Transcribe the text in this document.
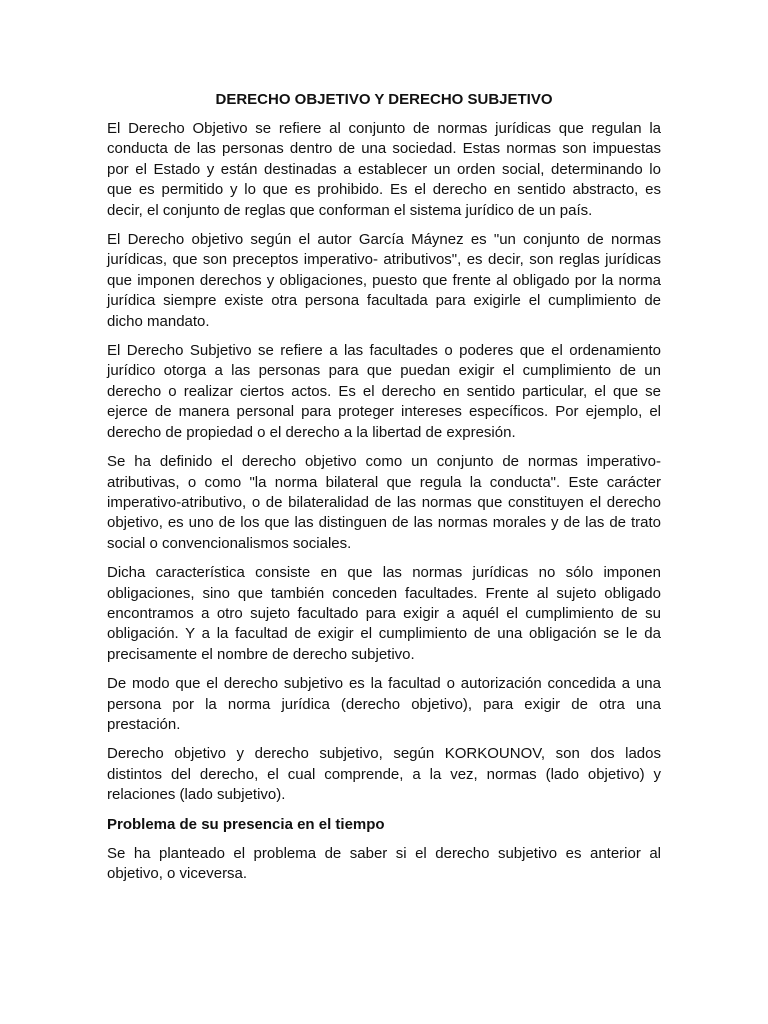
DERECHO OBJETIVO Y DERECHO SUBJETIVO

El Derecho Objetivo se refiere al conjunto de normas jurídicas que regulan la conducta de las personas dentro de una sociedad. Estas normas son impuestas por el Estado y están destinadas a establecer un orden social, determinando lo que es permitido y lo que es prohibido. Es el derecho en sentido abstracto, es decir, el conjunto de reglas que conforman el sistema jurídico de un país.

El Derecho objetivo según el autor García Máynez es "un conjunto de normas jurídicas, que son preceptos imperativo- atributivos", es decir, son reglas jurídicas que imponen derechos y obligaciones, puesto que frente al obligado por la norma jurídica siempre existe otra persona facultada para exigirle el cumplimiento de dicho mandato.

El Derecho Subjetivo se refiere a las facultades o poderes que el ordenamiento jurídico otorga a las personas para que puedan exigir el cumplimiento de un derecho o realizar ciertos actos. Es el derecho en sentido particular, el que se ejerce de manera personal para proteger intereses específicos. Por ejemplo, el derecho de propiedad o el derecho a la libertad de expresión.

Se ha definido el derecho objetivo como un conjunto de normas imperativo-atributivas, o como "la norma bilateral que regula la conducta". Este carácter imperativo-atributivo, o de bilateralidad de las normas que constituyen el derecho objetivo, es uno de los que las distinguen de las normas morales y de las de trato social o convencionalismos sociales.

Dicha característica consiste en que las normas jurídicas no sólo imponen obligaciones, sino que también conceden facultades. Frente al sujeto obligado encontramos a otro sujeto facultado para exigir a aquél el cumplimiento de su obligación. Y a la facultad de exigir el cumplimiento de una obligación se le da precisamente el nombre de derecho subjetivo.

De modo que el derecho subjetivo es la facultad o autorización concedida a una persona por la norma jurídica (derecho objetivo), para exigir de otra una prestación.

Derecho objetivo y derecho subjetivo, según KORKOUNOV, son dos lados distintos del derecho, el cual comprende, a la vez, normas (lado objetivo) y relaciones (lado subjetivo).

Problema de su presencia en el tiempo

Se ha planteado el problema de saber si el derecho subjetivo es anterior al objetivo, o viceversa.
